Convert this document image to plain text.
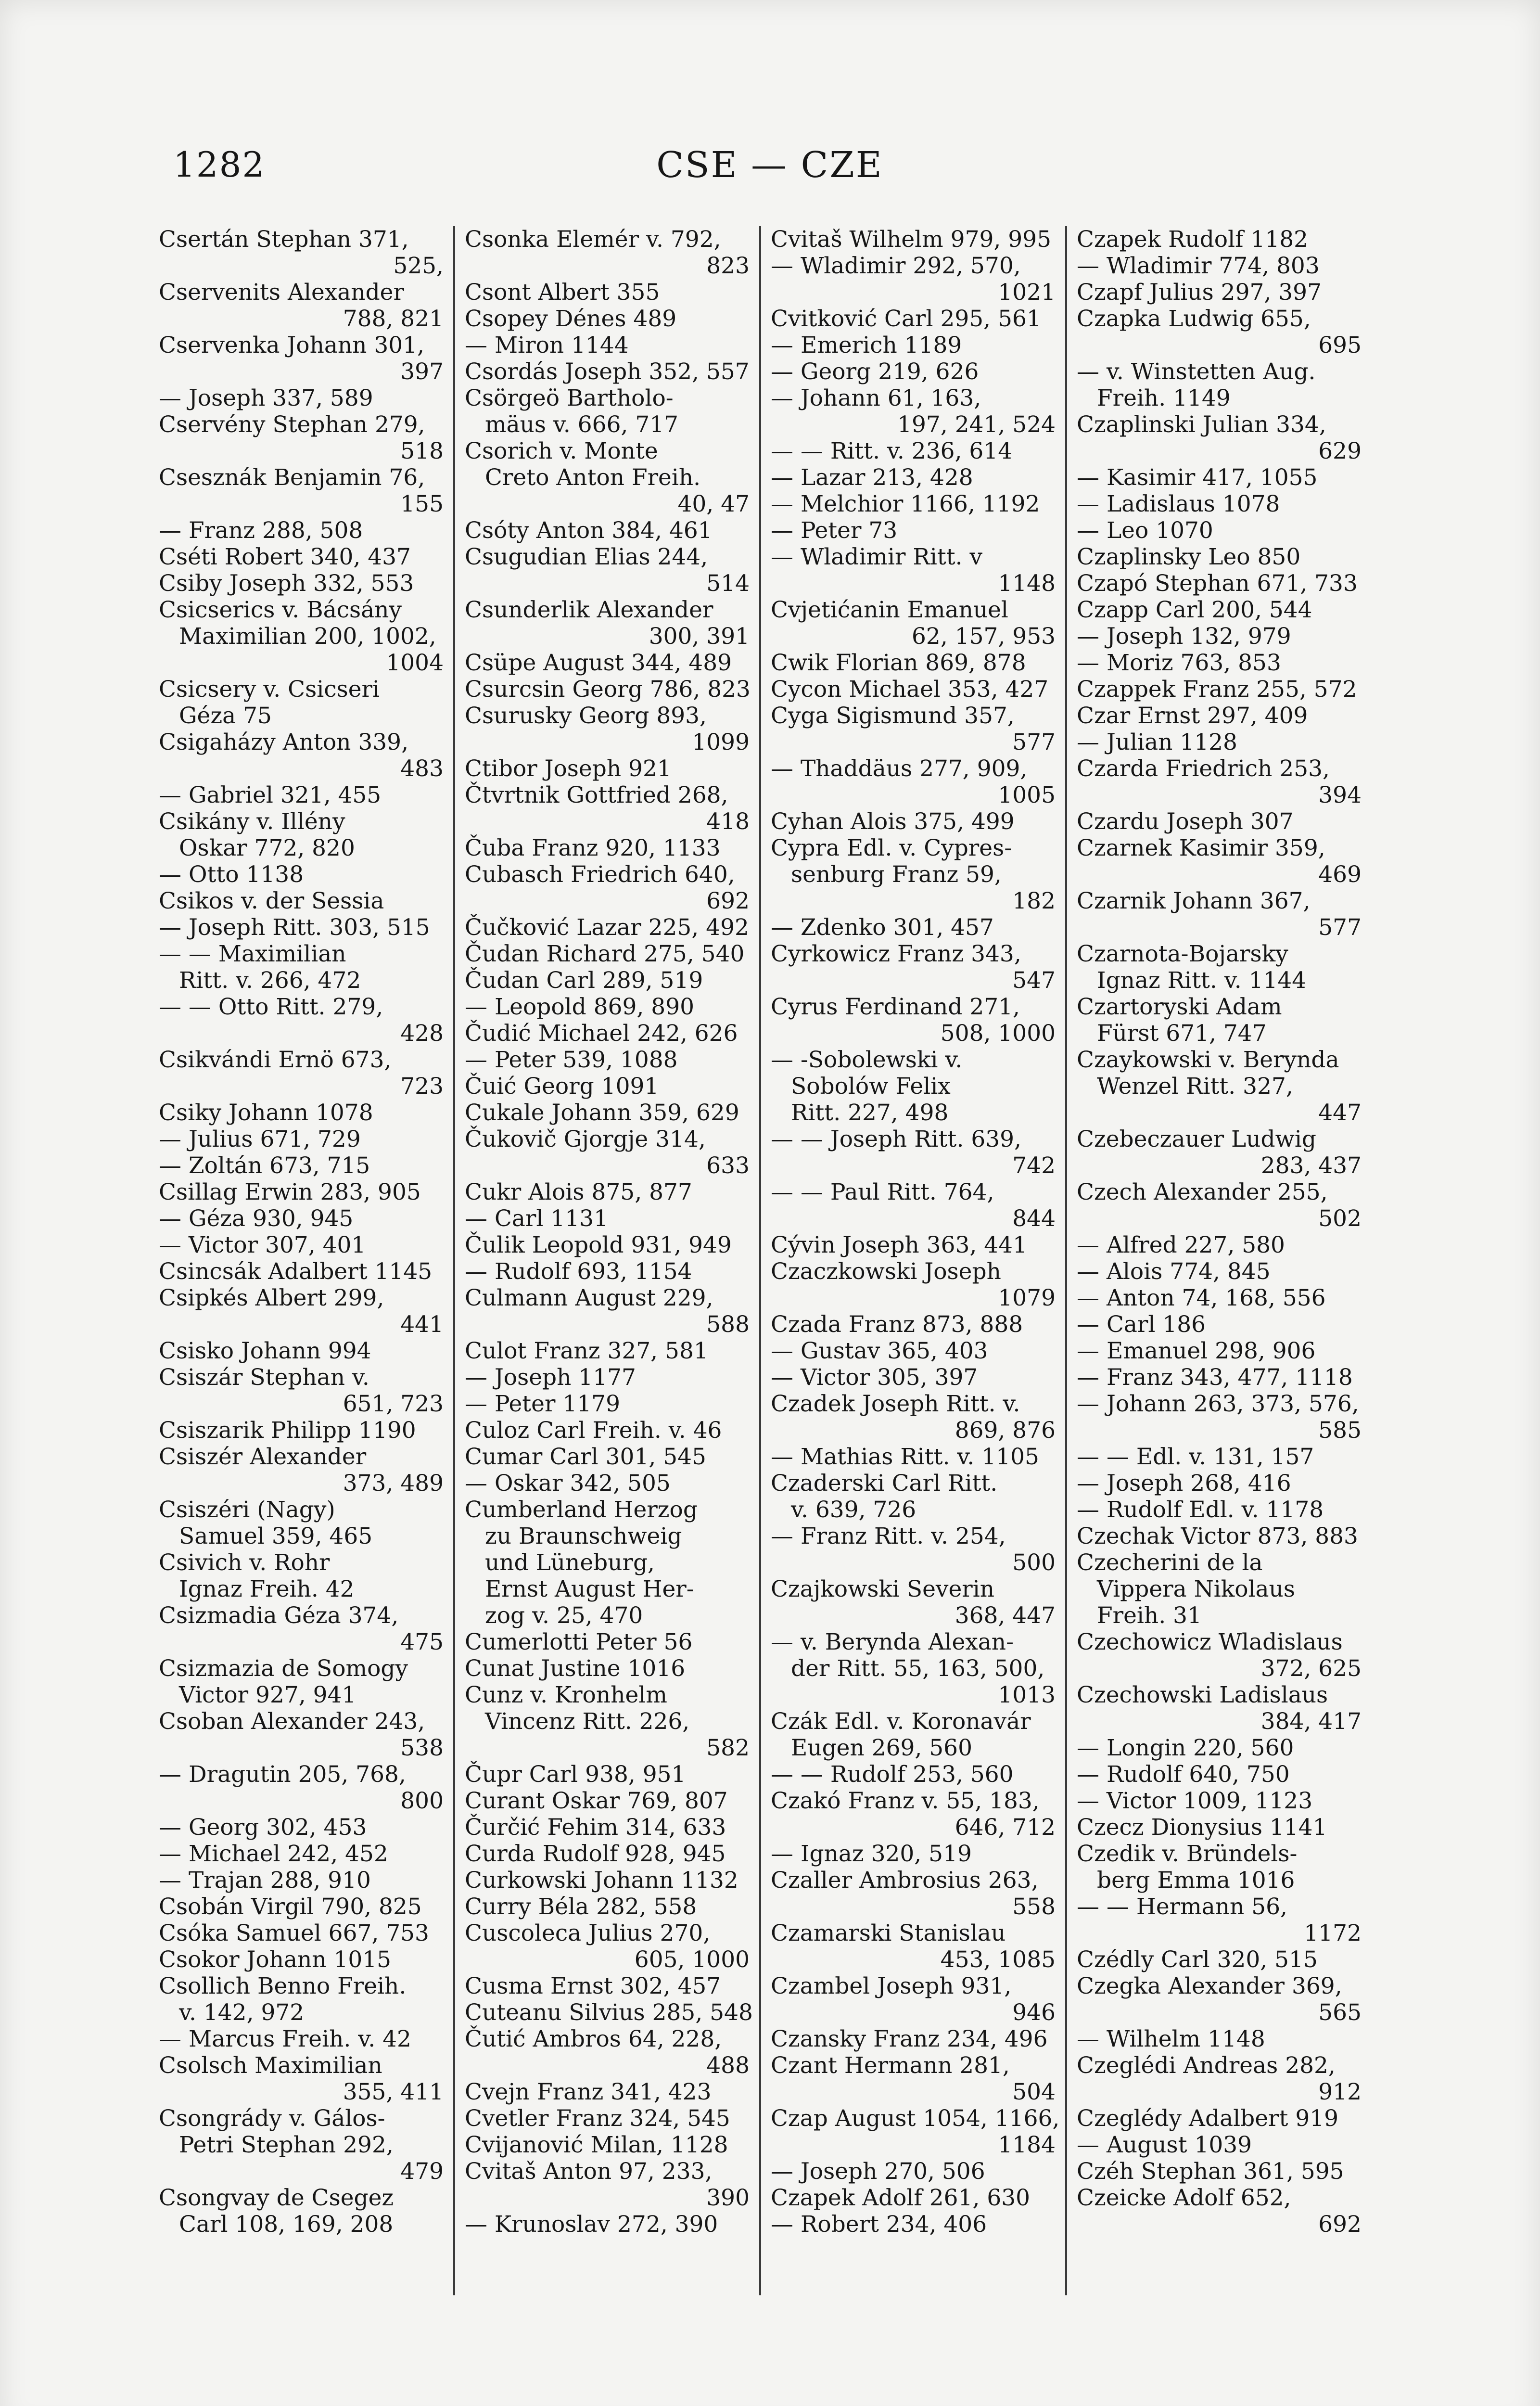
1282	CSE — CZE
Csertán Stephan 371,
525,
Cservenits Alexander
788, 821
Cservenka Johann 301,
397
— Joseph 337, 589
Cservény Stephan 279,
518
Csesznák Benjamin 76,
155
— Franz 288, 508
Cséti Robert 340, 437
Csiby Joseph 332, 553
Csicserics v. Bácsány
Maximilian 200, 1002,
1004
Csicsery v. Csicseri
Géza 75
Csigaházy Anton 339,
483
— Gabriel 321, 455
Csikány v. Illény
Oskar 772, 820
— Otto 1138
Csikos v. der Sessia
— Joseph Ritt. 303, 515
— — Maximilian
Ritt. v. 266, 472
— — Otto Ritt. 279,
428
Csikvándi Ernö 673,
723
Csiky Johann 1078
— Julius 671, 729
— Zoltán 673, 715
Csillag Erwin 283, 905
— Géza 930, 945
— Victor 307, 401
Csincsák Adalbert 1145
Csipkés Albert 299,
441
Csisko Johann 994
Csiszár Stephan v.
651, 723
Csiszarik Philipp 1190
Csiszér Alexander
373, 489
Csiszéri (Nagy)
Samuel 359, 465
Csivich v. Rohr
Ignaz Freih. 42
Csizmadia Géza 374,
475
Csizmazia de Somogy
Victor 927, 941
Csoban Alexander 243,
538
— Dragutin 205, 768,
800
— Georg 302, 453
— Michael 242, 452
— Trajan 288, 910
Csobán Virgil 790, 825
Csóka Samuel 667, 753
Csokor Johann 1015
Csollich Benno Freih.
v. 142, 972
— Marcus Freih. v. 42
Csolsch Maximilian
355, 411
Csongrády v. Gálos-
Petri Stephan 292,
479
Csongvay de Csegez
Carl 108, 169, 208
Csonka Elemér v. 792,
823
Csont Albert 355
Csopey Dénes 489
— Miron 1144
Csordás Joseph 352, 557
Csörgeö Bartholo-
mäus v. 666, 717
Csorich v. Monte
Creto Anton Freih.
40, 47
Csóty Anton 384, 461
Csugudian Elias 244,
514
Csunderlik Alexander
300, 391
Csüpe August 344, 489
Csurcsin Georg 786, 823
Csurusky Georg 893,
1099
Ctibor Joseph 921
Čtvrtnik Gottfried 268,
418
Čuba Franz 920, 1133
Cubasch Friedrich 640,
692
Čučković Lazar 225, 492
Čudan Richard 275, 540
Čudan Carl 289, 519
— Leopold 869, 890
Čudić Michael 242, 626
— Peter 539, 1088
Čuić Georg 1091
Cukale Johann 359, 629
Čukovič Gjorgje 314,
633
Cukr Alois 875, 877
— Carl 1131
Čulik Leopold 931, 949
— Rudolf 693, 1154
Culmann August 229,
588
Culot Franz 327, 581
— Joseph 1177
— Peter 1179
Culoz Carl Freih. v. 46
Cumar Carl 301, 545
— Oskar 342, 505
Cumberland Herzog
zu Braunschweig
und Lüneburg,
Ernst August Her-
zog v. 25, 470
Cumerlotti Peter 56
Cunat Justine 1016
Cunz v. Kronhelm
Vincenz Ritt. 226,
582
Čupr Carl 938, 951
Curant Oskar 769, 807
Čurčić Fehim 314, 633
Curda Rudolf 928, 945
Curkowski Johann 1132
Curry Béla 282, 558
Cuscoleca Julius 270,
605, 1000
Cusma Ernst 302, 457
Cuteanu Silvius 285, 548
Čutić Ambros 64, 228,
488
Cvejn Franz 341, 423
Cvetler Franz 324, 545
Cvijanović Milan, 1128
Cvitaš Anton 97, 233,
390
— Krunoslav 272, 390
Cvitaš Wilhelm 979, 995
— Wladimir 292, 570,
1021
Cvitković Carl 295, 561
— Emerich 1189
— Georg 219, 626
— Johann 61, 163,
197, 241, 524
— — Ritt. v. 236, 614
— Lazar 213, 428
— Melchior 1166, 1192
— Peter 73
— Wladimir Ritt. v
1148
Cvjetićanin Emanuel
62, 157, 953
Cwik Florian 869, 878
Cycon Michael 353, 427
Cyga Sigismund 357,
577
— Thaddäus 277, 909,
1005
Cyhan Alois 375, 499
Cypra Edl. v. Cypres-
senburg Franz 59,
182
— Zdenko 301, 457
Cyrkowicz Franz 343,
547
Cyrus Ferdinand 271,
508, 1000
— -Sobolewski v.
Sobolów Felix
Ritt. 227, 498
— — Joseph Ritt. 639,
742
— — Paul Ritt. 764,
844
Cývin Joseph 363, 441
Czaczkowski Joseph
1079
Czada Franz 873, 888
— Gustav 365, 403
— Victor 305, 397
Czadek Joseph Ritt. v.
869, 876
— Mathias Ritt. v. 1105
Czaderski Carl Ritt.
v. 639, 726
— Franz Ritt. v. 254,
500
Czajkowski Severin
368, 447
— v. Berynda Alexan-
der Ritt. 55, 163, 500,
1013
Czák Edl. v. Koronavár
Eugen 269, 560
— — Rudolf 253, 560
Czakó Franz v. 55, 183,
646, 712
— Ignaz 320, 519
Czaller Ambrosius 263,
558
Czamarski Stanislau
453, 1085
Czambel Joseph 931,
946
Czansky Franz 234, 496
Czant Hermann 281,
504
Czap August 1054, 1166,
1184
— Joseph 270, 506
Czapek Adolf 261, 630
— Robert 234, 406
Czapek Rudolf 1182
— Wladimir 774, 803
Czapf Julius 297, 397
Czapka Ludwig 655,
695
— v. Winstetten Aug.
Freih. 1149
Czaplinski Julian 334,
629
— Kasimir 417, 1055
— Ladislaus 1078
— Leo 1070
Czaplinsky Leo 850
Czapó Stephan 671, 733
Czapp Carl 200, 544
— Joseph 132, 979
— Moriz 763, 853
Czappek Franz 255, 572
Czar Ernst 297, 409
— Julian 1128
Czarda Friedrich 253,
394
Czardu Joseph 307
Czarnek Kasimir 359,
469
Czarnik Johann 367,
577
Czarnota-Bojarsky
Ignaz Ritt. v. 1144
Czartoryski Adam
Fürst 671, 747
Czaykowski v. Berynda
Wenzel Ritt. 327,
447
Czebeczauer Ludwig
283, 437
Czech Alexander 255,
502
— Alfred 227, 580
— Alois 774, 845
— Anton 74, 168, 556
— Carl 186
— Emanuel 298, 906
— Franz 343, 477, 1118
— Johann 263, 373, 576,
585
— — Edl. v. 131, 157
— Joseph 268, 416
— Rudolf Edl. v. 1178
Czechak Victor 873, 883
Czecherini de la
Vippera Nikolaus
Freih. 31
Czechowicz Wladislaus
372, 625
Czechowski Ladislaus
384, 417
— Longin 220, 560
— Rudolf 640, 750
— Victor 1009, 1123
Czecz Dionysius 1141
Czedik v. Bründels-
berg Emma 1016
— — Hermann 56,
1172
Czédly Carl 320, 515
Czegka Alexander 369,
565
— Wilhelm 1148
Czeglédi Andreas 282,
912
Czeglédy Adalbert 919
— August 1039
Czéh Stephan 361, 595
Czeicke Adolf 652,
692
